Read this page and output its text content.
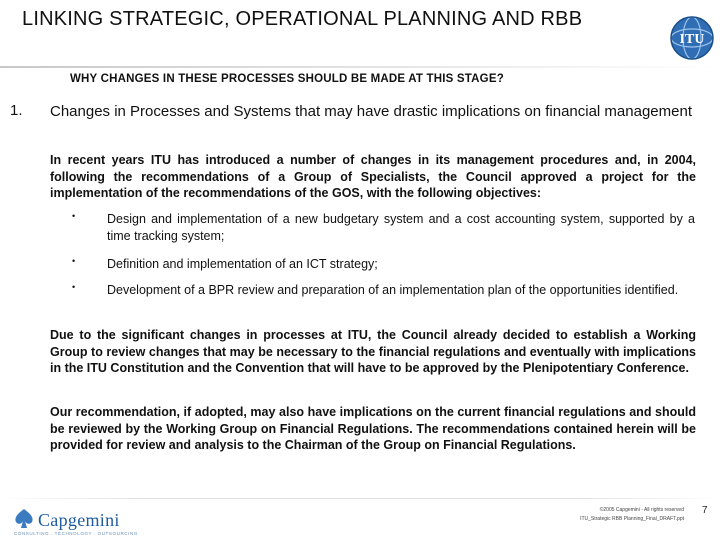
LINKING STRATEGIC, OPERATIONAL PLANNING AND RBB
ITU
WHY CHANGES IN THESE PROCESSES SHOULD BE MADE AT THIS STAGE?
1. Changes in Processes and Systems that may have drastic implications on financial management
In recent years ITU has introduced a number of changes in its management procedures and, in 2004, following the recommendations of a Group of Specialists, the Council approved a project for the implementation of the recommendations of the GOS, with the following objectives:
•	Design and implementation of a new budgetary system and a cost accounting system, supported by a time tracking system;
•	Definition and implementation of an ICT strategy;
•	Development of a BPR review and preparation of an implementation plan of the opportunities identified.
Due to the significant changes in processes at ITU, the Council already decided to establish a Working Group to review changes that may be necessary to the financial regulations and eventually with implications in the ITU Constitution and the Convention that will have to be approved by the Plenipotentiary Conference.
Our recommendation, if adopted, may also have implications on the current financial regulations and should be reviewed by the Working Group on Financial Regulations. The recommendations contained herein will be provided for review and analysis to the Chairman of the Group on Financial Regulations.
Capgemini
CONSULTING . TECHNOLOGY . OUTSOURCING
©2005 Capgemini - All rights reserved
ITU_Strategic RBB Planning_Final_DRAFT.ppt
7
